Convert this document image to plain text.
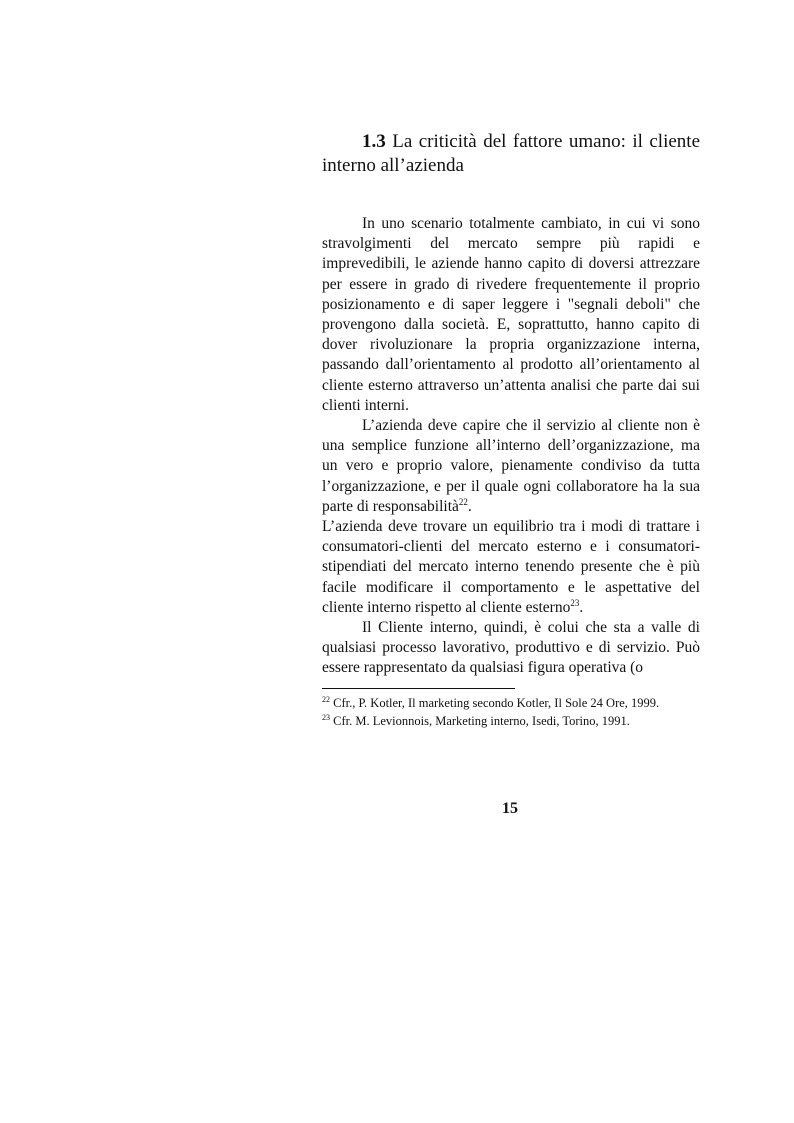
1.3 La criticità del fattore umano: il cliente interno all’azienda

In uno scenario totalmente cambiato, in cui vi sono stravolgimenti del mercato sempre più rapidi e imprevedibili, le aziende hanno capito di doversi attrezzare per essere in grado di rivedere frequentemente il proprio posizionamento e di saper leggere i "segnali deboli" che provengono dalla società. E, soprattutto, hanno capito di dover rivoluzionare la propria organizzazione interna, passando dall’orientamento al prodotto all’orientamento al cliente esterno attraverso un’attenta analisi che parte dai sui clienti interni.

L’azienda deve capire che il servizio al cliente non è una semplice funzione all’interno dell’organizzazione, ma un vero e proprio valore, pienamente condiviso da tutta l’organizzazione, e per il quale ogni collaboratore ha la sua parte di responsabilità$^{22}$.

L’azienda deve trovare un equilibrio tra i modi di trattare i consumatori-clienti del mercato esterno e i consumatori-stipendiati del mercato interno tenendo presente che è più facile modificare il comportamento e le aspettative del cliente interno rispetto al cliente esterno$^{23}$.

Il Cliente interno, quindi, è colui che sta a valle di qualsiasi processo lavorativo, produttivo e di servizio. Può essere rappresentato da qualsiasi figura operativa (o

$^{22}$ Cfr., P. Kotler, Il marketing secondo Kotler, Il Sole 24 Ore, 1999.
$^{23}$ Cfr. M. Levionnois, Marketing interno, Isedi, Torino, 1991.
15
